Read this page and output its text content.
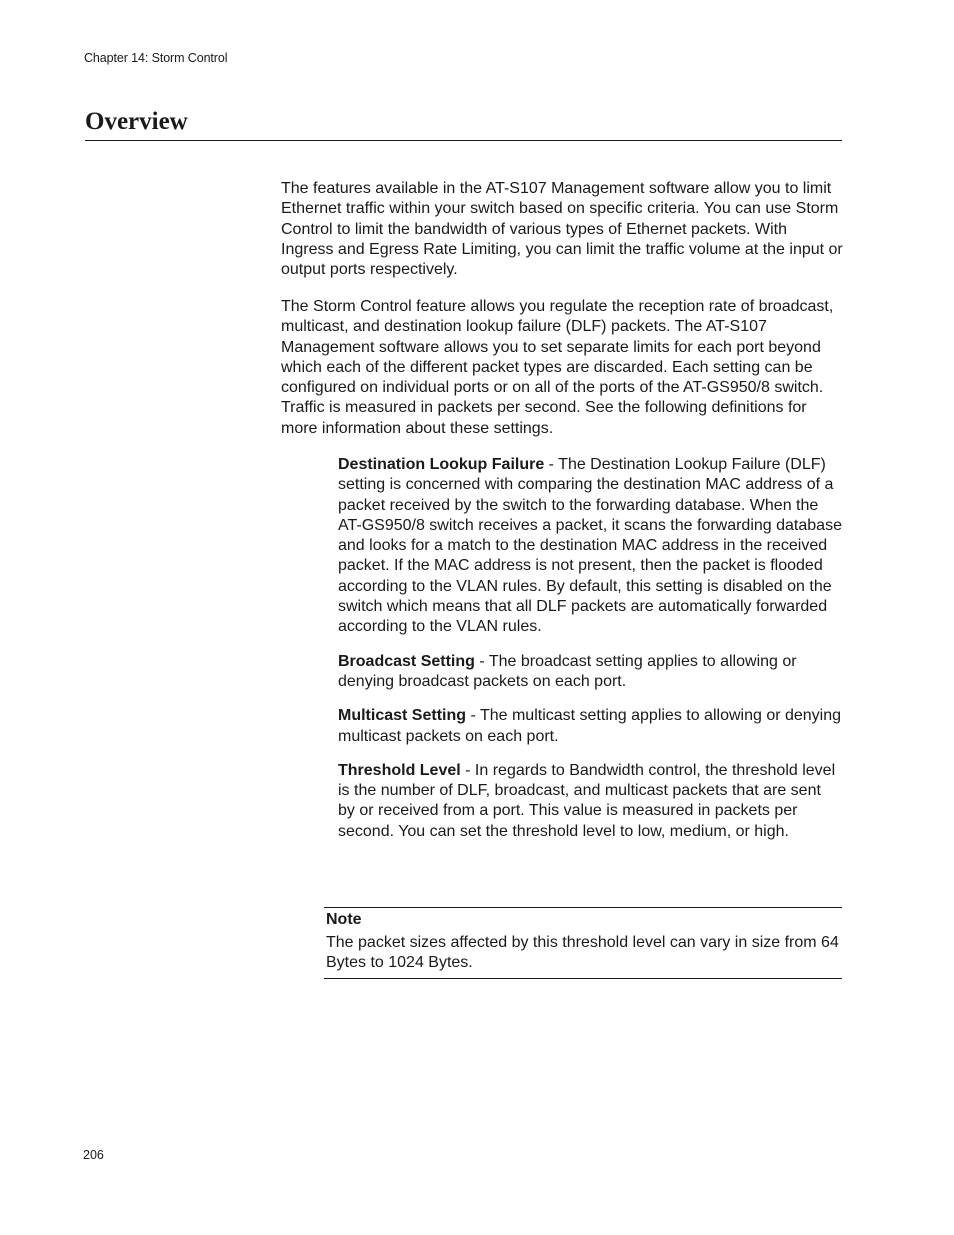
Chapter 14: Storm Control
Overview

The features available in the AT-S107 Management software allow you to limit Ethernet traffic within your switch based on specific criteria. You can use Storm Control to limit the bandwidth of various types of Ethernet packets. With Ingress and Egress Rate Limiting, you can limit the traffic volume at the input or output ports respectively.

The Storm Control feature allows you regulate the reception rate of broadcast, multicast, and destination lookup failure (DLF) packets. The AT-S107 Management software allows you to set separate limits for each port beyond which each of the different packet types are discarded. Each setting can be configured on individual ports or on all of the ports of the AT-GS950/8 switch. Traffic is measured in packets per second. See the following definitions for more information about these settings.

Destination Lookup Failure - The Destination Lookup Failure (DLF) setting is concerned with comparing the destination MAC address of a packet received by the switch to the forwarding database. When the AT-GS950/8 switch receives a packet, it scans the forwarding database and looks for a match to the destination MAC address in the received packet. If the MAC address is not present, then the packet is flooded according to the VLAN rules. By default, this setting is disabled on the switch which means that all DLF packets are automatically forwarded according to the VLAN rules.

Broadcast Setting - The broadcast setting applies to allowing or denying broadcast packets on each port.

Multicast Setting - The multicast setting applies to allowing or denying multicast packets on each port.

Threshold Level - In regards to Bandwidth control, the threshold level is the number of DLF, broadcast, and multicast packets that are sent by or received from a port. This value is measured in packets per second. You can set the threshold level to low, medium, or high.

Note

The packet sizes affected by this threshold level can vary in size from 64 Bytes to 1024 Bytes.

206
